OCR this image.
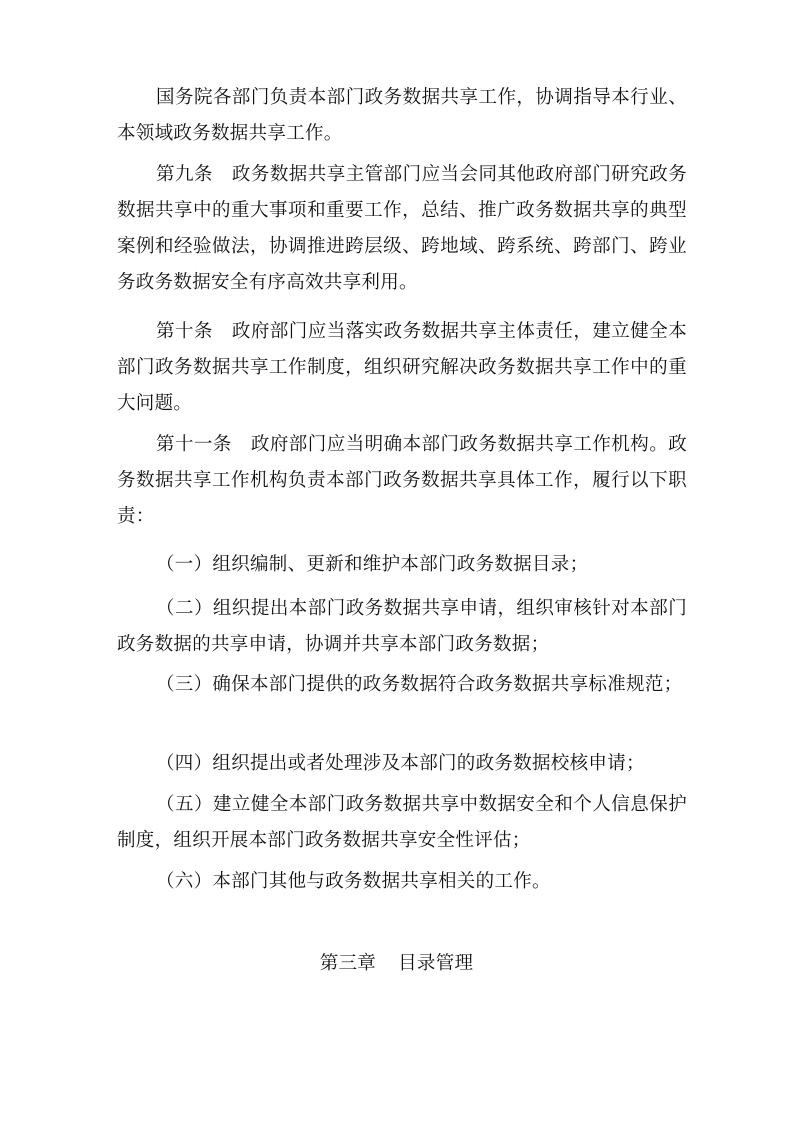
国务院各部门负责本部门政务数据共享工作，协调指导本行业、本领域政务数据共享工作。

第九条　政务数据共享主管部门应当会同其他政府部门研究政务数据共享中的重大事项和重要工作，总结、推广政务数据共享的典型案例和经验做法，协调推进跨层级、跨地域、跨系统、跨部门、跨业务政务数据安全有序高效共享利用。

第十条　政府部门应当落实政务数据共享主体责任，建立健全本部门政务数据共享工作制度，组织研究解决政务数据共享工作中的重大问题。

第十一条　政府部门应当明确本部门政务数据共享工作机构。政务数据共享工作机构负责本部门政务数据共享具体工作，履行以下职责：

（一）组织编制、更新和维护本部门政务数据目录；

（二）组织提出本部门政务数据共享申请，组织审核针对本部门政务数据的共享申请，协调并共享本部门政务数据；

（三）确保本部门提供的政务数据符合政务数据共享标准规范；

（四）组织提出或者处理涉及本部门的政务数据校核申请；

（五）建立健全本部门政务数据共享中数据安全和个人信息保护制度，组织开展本部门政务数据共享安全性评估；

（六）本部门其他与政务数据共享相关的工作。

第三章 目录管理
